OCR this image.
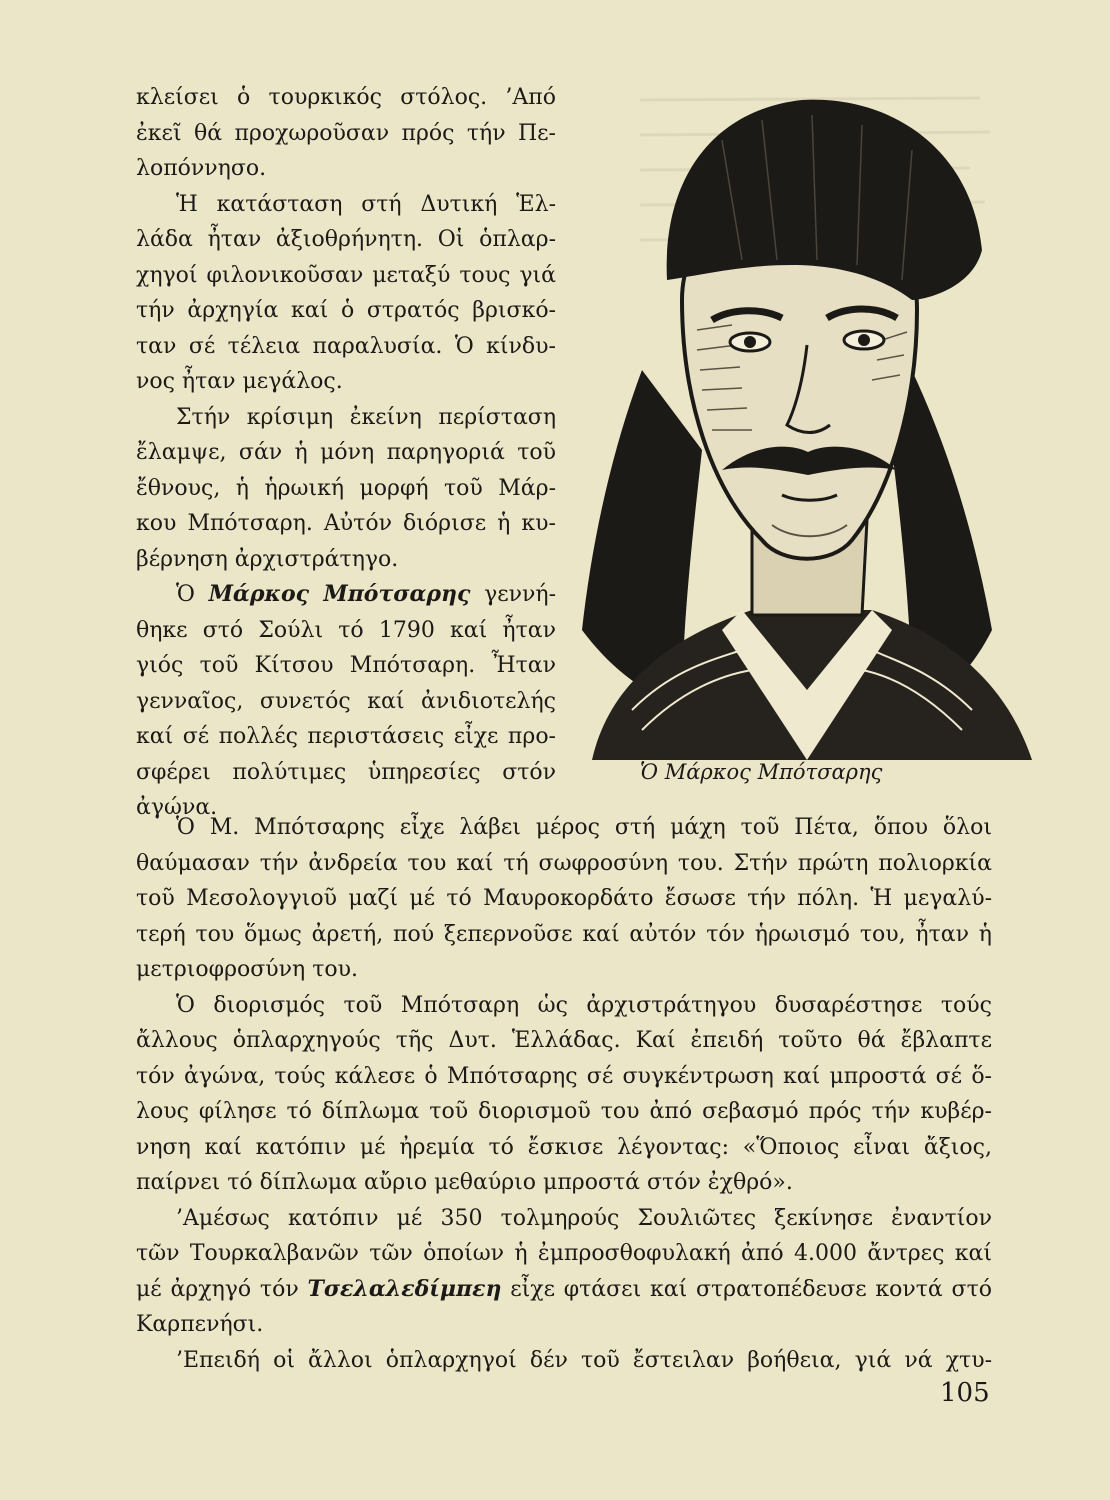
κλείσει ὁ τουρκικός στόλος. ’Από
ἐκεῖ θά προχωροῦσαν πρός τήν Πε-
λοπόννησο.
Ἡ κατάσταση στή Δυτική Ἑλ-
λάδα ἦταν ἀξιοθρήνητη. Οἱ ὁπλαρ-
χηγοί φιλονικοῦσαν μεταξύ τους γιά
τήν ἀρχηγία καί ὁ στρατός βρισκό-
ταν σέ τέλεια παραλυσία. Ὁ κίνδυ-
νος ἦταν μεγάλος.
Στήν κρίσιμη ἐκείνη περίσταση
ἔλαμψε, σάν ἡ μόνη παρηγοριά τοῦ
ἔθνους, ἡ ἡρωική μορφή τοῦ Μάρ-
κου Μπότσαρη. Αὐτόν διόρισε ἡ κυ-
βέρνηση ἀρχιστράτηγο.
Ὁ Μάρκος Μπότσαρης γεννή-
θηκε στό Σούλι τό 1790 καί ἦταν
γιός τοῦ Κίτσου Μπότσαρη. Ἦταν
γενναῖος, συνετός καί ἀνιδιοτελής
καί σέ πολλές περιστάσεις εἶχε προ-
σφέρει πολύτιμες ὑπηρεσίες στόν
ἀγώνα.
Ὁ Μάρκος Μπότσαρης
Ὁ Μ. Μπότσαρης εἶχε λάβει μέρος στή μάχη τοῦ Πέτα, ὅπου ὅλοι
θαύμασαν τήν ἀνδρεία του καί τή σωφροσύνη του. Στήν πρώτη πολιορκία
τοῦ Μεσολογγιοῦ μαζί μέ τό Μαυροκορδάτο ἔσωσε τήν πόλη. Ἡ μεγαλύ-
τερή του ὅμως ἀρετή, πού ξεπερνοῦσε καί αὐτόν τόν ἡρωισμό του, ἦταν ἡ
μετριοφροσύνη του.
Ὁ διορισμός τοῦ Μπότσαρη ὡς ἀρχιστράτηγου δυσαρέστησε τούς
ἄλλους ὁπλαρχηγούς τῆς Δυτ. Ἑλλάδας. Καί ἐπειδή τοῦτο θά ἔβλαπτε
τόν ἀγώνα, τούς κάλεσε ὁ Μπότσαρης σέ συγκέντρωση καί μπροστά σέ ὅ-
λους φίλησε τό δίπλωμα τοῦ διορισμοῦ του ἀπό σεβασμό πρός τήν κυβέρ-
νηση καί κατόπιν μέ ἠρεμία τό ἔσκισε λέγοντας: «Ὅποιος εἶναι ἄξιος,
παίρνει τό δίπλωμα αὔριο μεθαύριο μπροστά στόν ἐχθρό».
’Αμέσως κατόπιν μέ 350 τολμηρούς Σουλιῶτες ξεκίνησε ἐναντίον
τῶν Τουρκαλβανῶν τῶν ὁποίων ἡ ἐμπροσθοφυλακή ἀπό 4.000 ἄντρες καί
μέ ἀρχηγό τόν Τσελαλεδίμπεη εἶχε φτάσει καί στρατοπέδευσε κοντά στό
Καρπενήσι.
’Επειδή οἱ ἄλλοι ὁπλαρχηγοί δέν τοῦ ἔστειλαν βοήθεια, γιά νά χτυ-
105
